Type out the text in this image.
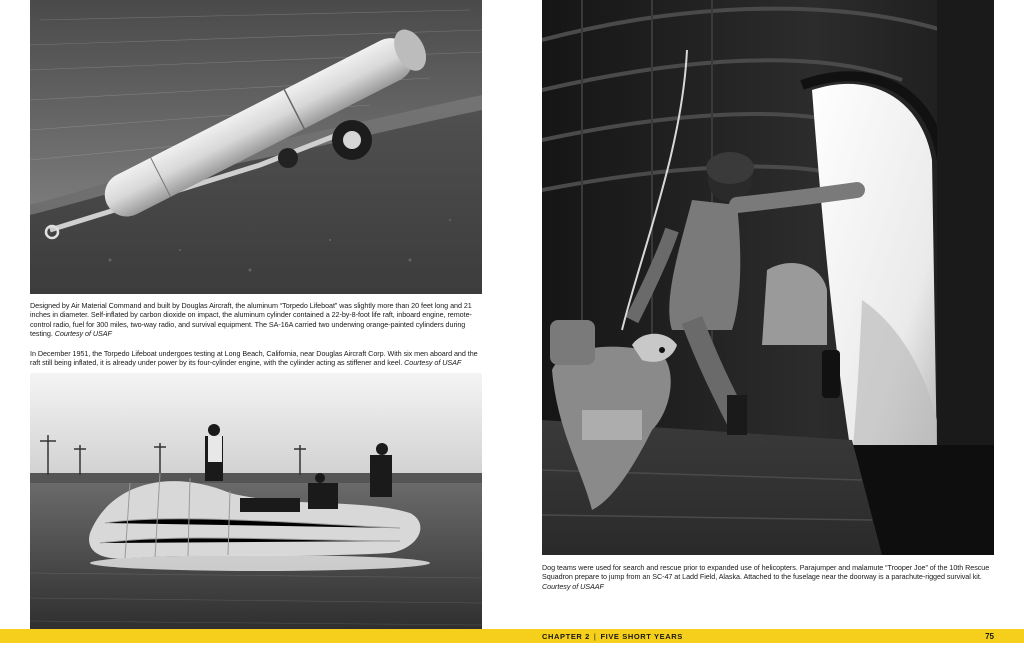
Designed by Air Material Command and built by Douglas Aircraft, the aluminum “Torpedo Lifeboat” was slightly more than 20 feet long and 21 inches in diameter. Self-inflated by carbon dioxide on impact, the aluminum cylinder contained a 22-by-8-foot life raft, inboard engine, remote-control radio, fuel for 300 miles, two-way radio, and survival equipment. The SA-16A carried two underwing orange-painted cylinders during testing. Courtesy of USAF
In December 1951, the Torpedo Lifeboat undergoes testing at Long Beach, California, near Douglas Aircraft Corp. With six men aboard and the raft still being inflated, it is already under power by its four-cylinder engine, with the cylinder acting as stiffener and keel. Courtesy of USAF
Dog teams were used for search and rescue prior to expanded use of helicopters. Parajumper and malamute “Trooper Joe” of the 10th Rescue Squadron prepare to jump from an SC-47 at Ladd Field, Alaska. Attached to the fuselage near the doorway is a parachute-rigged survival kit. Courtesy of USAAF
CHAPTER 2 | FIVE SHORT YEARS	75
